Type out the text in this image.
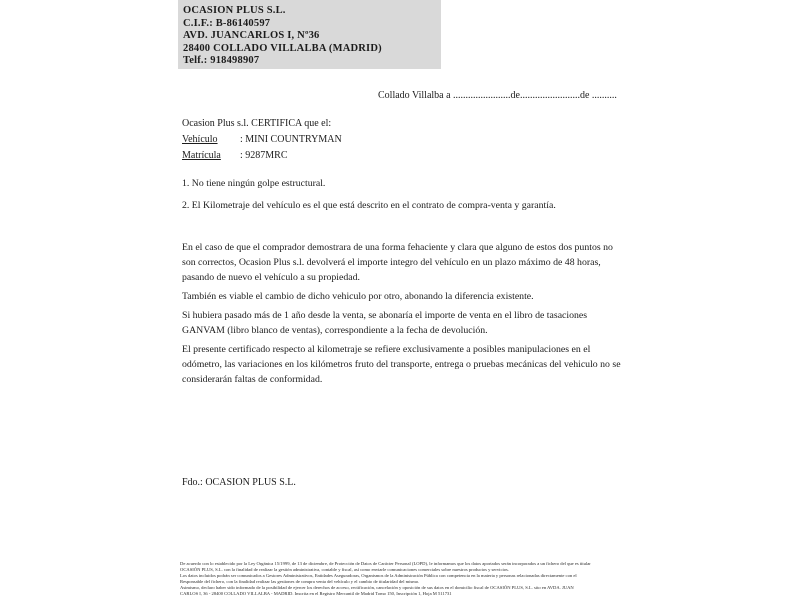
OCASION PLUS S.L.
C.I.F.: B-86140597
AVD. JUANCARLOS I, Nº36
28400 COLLADO VILLALBA (MADRID)
Telf.: 918498907
Collado Villalba a .......................de........................de ..........
Ocasion Plus s.l. CERTIFICA que el:
Vehículo : MINI COUNTRYMAN
Matrícula : 9287MRC

1. No tiene ningún golpe estructural.

2. El Kilometraje del vehículo es el que está descrito en el contrato de compra-venta y garantía.

En el caso de que el comprador demostrara de una forma fehaciente y clara que alguno de estos dos puntos no son correctos, Ocasion Plus s.l. devolverá el importe integro del vehículo en un plazo máximo de 48 horas, pasando de nuevo el vehículo a su propiedad.

También es viable el cambio de dicho vehiculo por otro, abonando la diferencia existente.

Si hubiera pasado más de 1 año desde la venta, se abonaría el importe de venta en el libro de tasaciones GANVAM (libro blanco de ventas), correspondiente a la fecha de devolución.

El presente certificado respecto al kilometraje se refiere exclusivamente a posibles manipulaciones en el odómetro, las variaciones en los kilómetros fruto del transporte, entrega o pruebas mecánicas del vehiculo no se considerarán faltas de conformidad.

Fdo.: OCASION PLUS S.L.
De acuerdo con lo establecido por la Ley Orgánica 15/1999, de 13 de diciembre, de Protección de Datos de Carácter Personal (LOPD), le informamos que los datos aportados serán incorporados a un fichero del que es titular
OCASIÓN PLUS, S.L. con la finalidad de realizar la gestión administrativa, contable y fiscal, así como enviarle comunicaciones comerciales sobre nuestros productos y servicios.
Los datos incluidos podrán ser comunicados a Gestores Administrativos, Entidades Aseguradoras, Organismos de la Administración Pública con competencia en la materia y personas relacionadas directamente con el
Responsable del fichero, con la finalidad realizar las gestiones de compra venta del vehículo y el cambio de titularidad del mismo.
Asimismo, declaro haber sido informado de la posibilidad de ejercer los derechos de acceso, rectificación, cancelación y oposición de sus datos en el domicilio fiscal de OCASIÓN PLUS, S.L. sito en AVDA. JUAN
CARLOS I, 36 - 28400 COLLADO VILLALBA - MADRID. Inscrita en el Registro Mercantil de Madrid Tomo 150, Inscripción 1, Hoja M 511731
